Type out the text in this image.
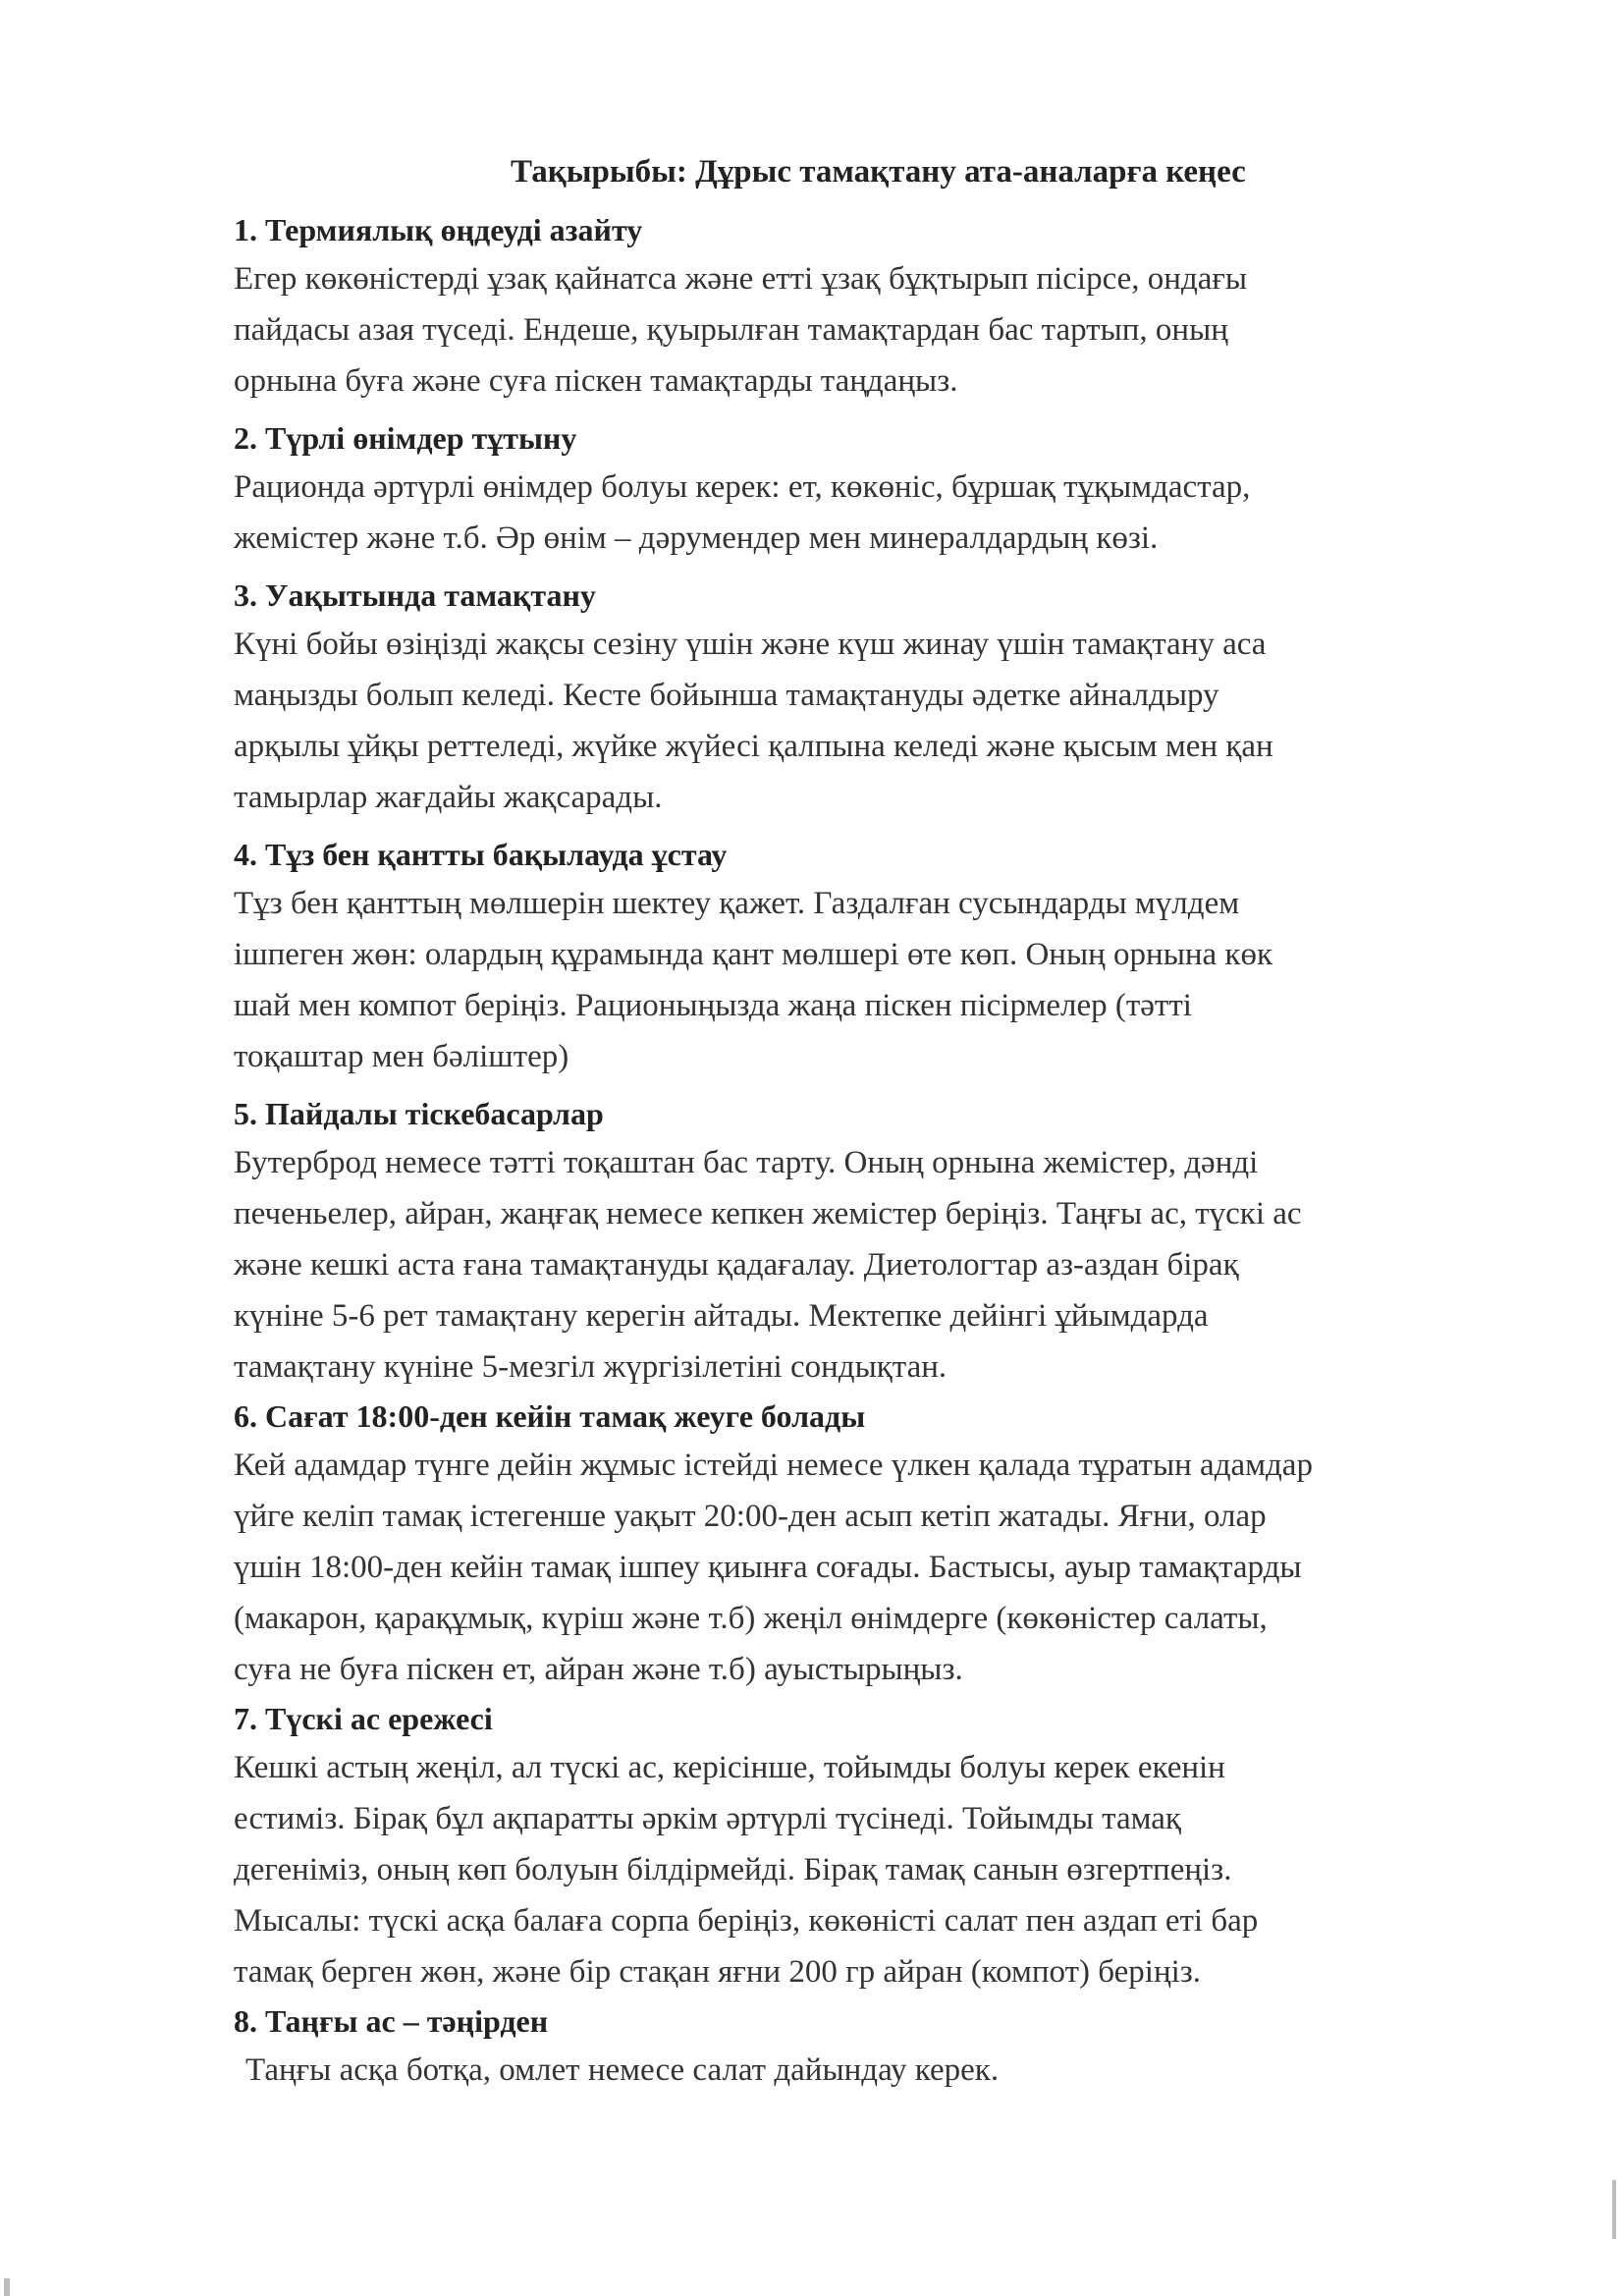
Тақырыбы: Дұрыс тамақтану ата-аналарға кеңес
1. Термиялық өңдеуді азайту
Егер көкөністерді ұзақ қайнатса және етті ұзақ бұқтырып пісірсе, ондағы
пайдасы азая түседі. Ендеше, қуырылған тамақтардан бас тартып, оның
орнына буға және суға піскен тамақтарды таңдаңыз.
2. Түрлі өнімдер тұтыну
Рационда әртүрлі өнімдер болуы керек: ет, көкөніс, бұршақ тұқымдастар,
жемістер және т.б. Әр өнім – дәрумендер мен минералдардың көзі.
3. Уақытында тамақтану
Күні бойы өзіңізді жақсы сезіну үшін және күш жинау үшін тамақтану аса
маңызды болып келеді. Кесте бойынша тамақтануды әдетке айналдыру
арқылы ұйқы реттеледі, жүйке жүйесі қалпына келеді және қысым мен қан
тамырлар жағдайы жақсарады.
4. Тұз бен қантты бақылауда ұстау
Тұз бен қанттың мөлшерін шектеу қажет. Газдалған сусындарды мүлдем
ішпеген жөн: олардың құрамында қант мөлшері өте көп. Оның орнына көк
шай мен компот беріңіз. Рационыңызда жаңа піскен пісірмелер (тәтті
тоқаштар мен бәліштер)
5. Пайдалы тіскебасарлар
Бутерброд немесе тәтті тоқаштан бас тарту. Оның орнына жемістер, дәнді
печеньелер, айран, жаңғақ немесе кепкен жемістер беріңіз. Таңғы ас, түскі ас
және кешкі аста ғана тамақтануды қадағалау. Диетологтар аз-аздан бірақ
күніне 5-6 рет тамақтану керегін айтады. Мектепке дейінгі ұйымдарда
тамақтану күніне 5-мезгіл жүргізілетіні сондықтан.
6. Сағат 18:00-ден кейін тамақ жеуге болады
Кей адамдар түнге дейін жұмыс істейді немесе үлкен қалада тұратын адамдар
үйге келіп тамақ істегенше уақыт 20:00-ден асып кетіп жатады. Яғни, олар
үшін 18:00-ден кейін тамақ ішпеу қиынға соғады. Бастысы, ауыр тамақтарды
(макарон, қарақұмық, күріш және т.б) жеңіл өнімдерге (көкөністер салаты,
суға не буға піскен ет, айран және т.б) ауыстырыңыз.
7. Түскі ас ережесі
Кешкі астың жеңіл, ал түскі ас, керісінше, тойымды болуы керек екенін
естиміз. Бірақ бұл ақпаратты әркім әртүрлі түсінеді. Тойымды тамақ
дегеніміз, оның көп болуын білдірмейді. Бірақ тамақ санын өзгертпеңіз.
Мысалы: түскі асқа балаға сорпа беріңіз, көкөністі салат пен аздап еті бар
тамақ берген жөн, және бір стақан яғни 200 гр айран (компот) беріңіз.
8. Таңғы ас – тәңірден
Таңғы асқа ботқа, омлет немесе салат дайындау керек.
